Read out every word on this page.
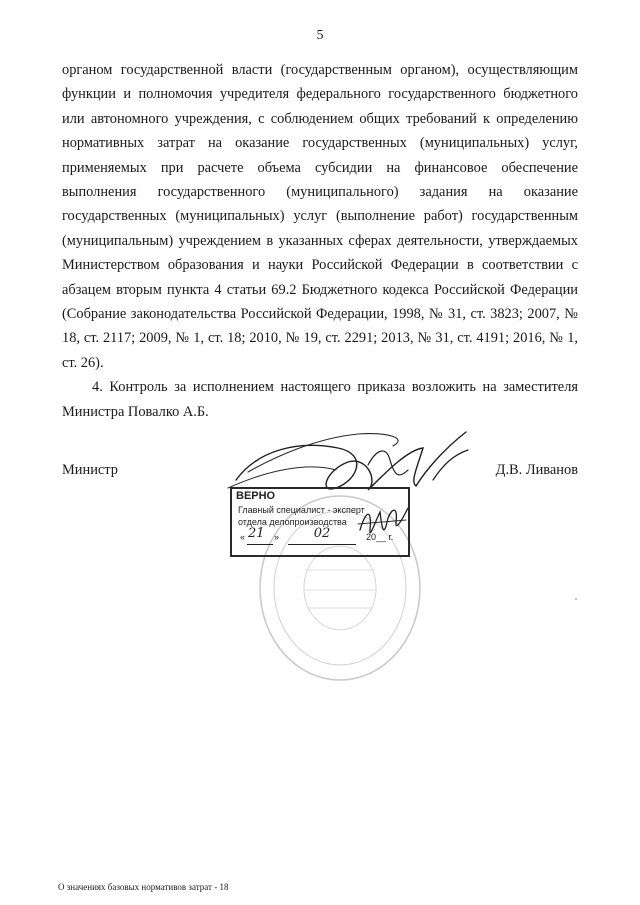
5

органом государственной власти (государственным органом), осуществляющим функции и полномочия учредителя федерального государственного бюджетного или автономного учреждения, с соблюдением общих требований к определению нормативных затрат на оказание государственных (муниципальных) услуг, применяемых при расчете объема субсидии на финансовое обеспечение выполнения государственного (муниципального) задания на оказание государственных (муниципальных) услуг (выполнение работ) государственным (муниципальным) учреждением в указанных сферах деятельности, утверждаемых Министерством образования и науки Российской Федерации в соответствии с абзацем вторым пункта 4 статьи 69.2 Бюджетного кодекса Российской Федерации (Собрание законодательства Российской Федерации, 1998, № 31, ст. 3823; 2007, № 18, ст. 2117; 2009, № 1, ст. 18; 2010, № 19, ст. 2291; 2013, № 31, ст. 4191; 2016, № 1, ст. 26).

4. Контроль за исполнением настоящего приказа возложить на заместителя Министра Повалко А.Б.

Министр	Д.В. Ливанов
ВЕРНО
Главный специалист - эксперт
отдела делопроизводства
« 21	»	02	20__ г.
О значениях базовых нормативов затрат - 18
